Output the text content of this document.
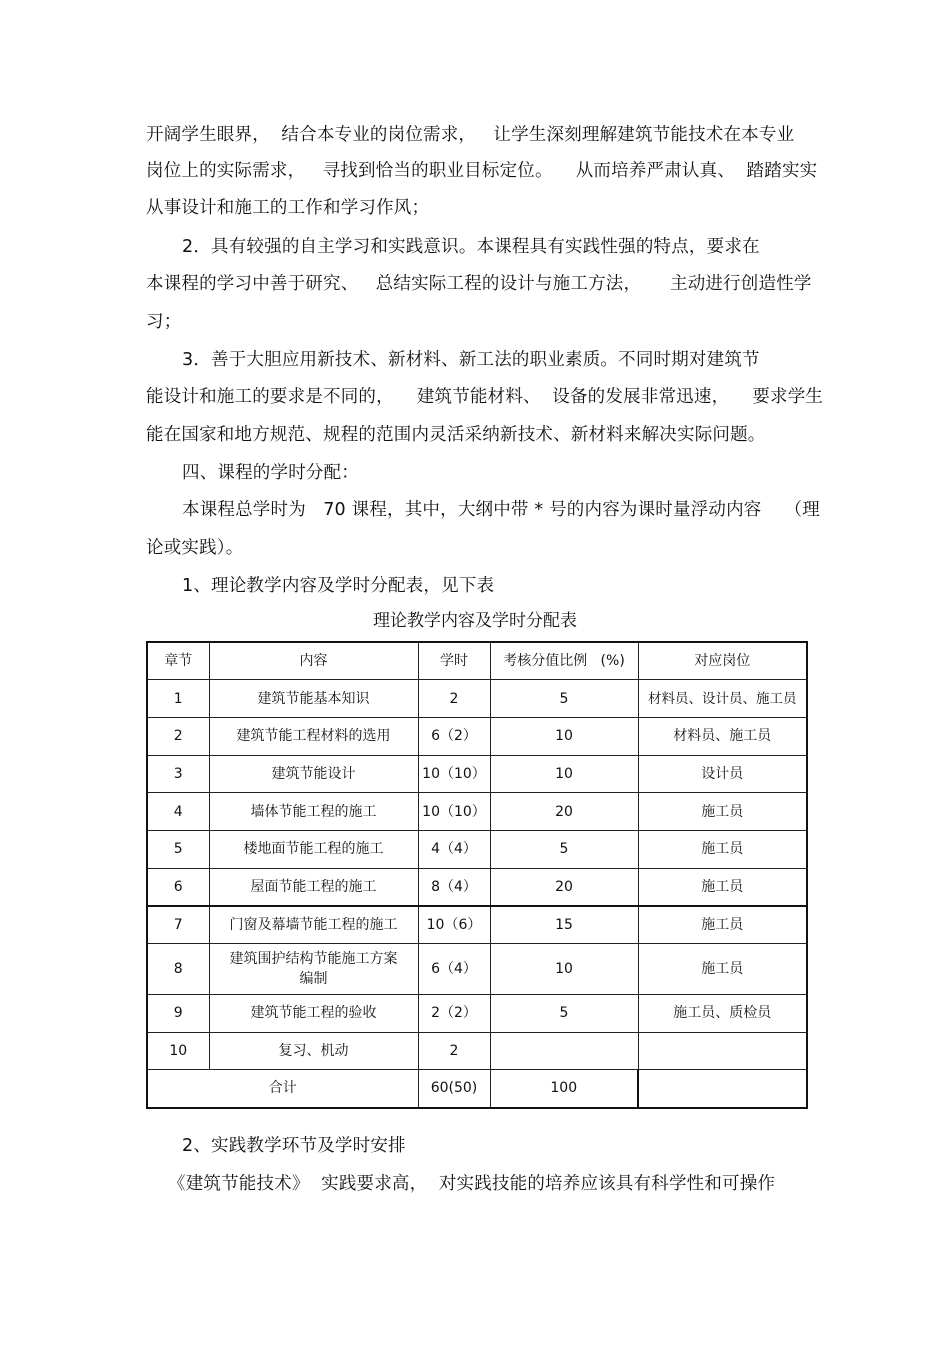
开阔学生眼界，  结合本专业的岗位需求，   让学生深刻理解建筑节能技术在本专业
岗位上的实际需求，   寻找到恰当的职业目标定位。    从而培养严肃认真、  踏踏实实
从事设计和施工的工作和学习作风；
2．具有较强的自主学习和实践意识。本课程具有实践性强的特点，要求在
本课程的学习中善于研究、   总结实际工程的设计与施工方法，     主动进行创造性学
习；
3．善于大胆应用新技术、新材料、新工法的职业素质。不同时期对建筑节
能设计和施工的要求是不同的，    建筑节能材料、  设备的发展非常迅速，    要求学生
能在国家和地方规范、规程的范围内灵活采纳新技术、新材料来解决实际问题。
四、课程的学时分配：
本课程总学时为   70 课程，其中，大纲中带 * 号的内容为课时量浮动内容    （理
论或实践）。
1、理论教学内容及学时分配表，见下表
理论教学内容及学时分配表
章节	内容	学时	考核分值比例   (%)	对应岗位
1	建筑节能基本知识	2	5	材料员、设计员、施工员
2	建筑节能工程材料的选用	6（2）	10	材料员、施工员
3	建筑节能设计	10（10）	10	设计员
4	墙体节能工程的施工	10（10）	20	施工员
5	楼地面节能工程的施工	4（4）	5	施工员
6	屋面节能工程的施工	8（4）	20	施工员
7	门窗及幕墙节能工程的施工	10（6）	15	施工员
8	建筑围护结构节能施工方案编制	6（4）	10	施工员
9	建筑节能工程的验收	2（2）	5	施工员、质检员
10	复习、机动	2		
合计		60(50)	100	
2、实践教学环节及学时安排
《建筑节能技术》  实践要求高，  对实践技能的培养应该具有科学性和可操作
